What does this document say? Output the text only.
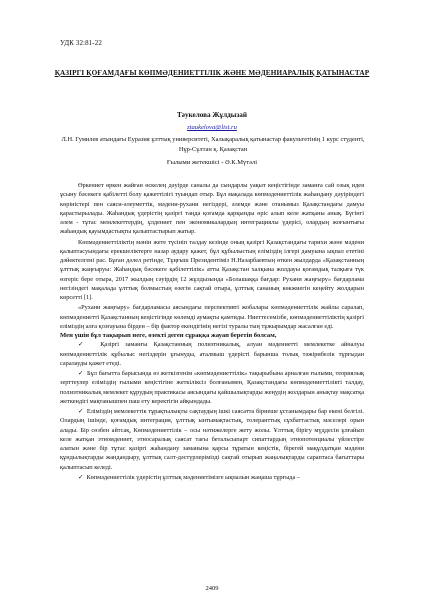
УДК 32:81-22
ҚАЗІРГІ ҚОҒАМДАҒЫ КӨПМӘДЕНИЕТТІЛІК ЖӘНЕ МӘДЕНИАРАЛЫҚ ҚАТЫНАСТАР
Тәукелова Жұлдызай
ztaukelova@list.ru
Л.Н. Гумилев атындағы Еуразия ұлттық университеті, Халықаралық қатынастар факультетінің 1 курс студенті, Нұр-Сұлтан қ. Қазақстан
Ғылыми жетекшісі - Ә.К.Мүтәлі

Өркениет өркен жайған өскелең дәуірде саналы да сындарлы уақыт кеңістігінде заманға сай озық идея ұсыну бәсекеге қабілетті болу қажеттілігі туындап отыр. Бұл мақалада көпмәдениеттілік жаһандану дәуіріндегі көріністері пен саяси-әлеуметтік, мәдени-рухани негіздері, әлемде және отанымыз Қазақстандағы дамуы қарастырылады. Жаһандық үдерістің қазіргі таңда қоғамда қарқынды өріс алып келе жатқаны анық. Бүгінгі әлем - тұтас мемлекеттердің, ұлдениет пен экономикалардың интеграциялы үдерісі, олардың жоғынтығы жаһандық қауымдастықты қалыптастырып жатыр.

Көпмәдениеттіліктің мәнін жете түсініп талдау кезінде оның қазіргі Қазақстандағы тарихи және мәдени қалыптасуындағы ерекшеліктерге назар аудару қажет, бұл құбылыстың еліміздің ілгері дамуына ықпал ететіні дәйектелгені рас. Бұған дәлел ретінде, Тұңғыш Президентіміз Н.Назарбаевтың өткен жылдарда «Қазақстанның ұлттық жаңғыруы: Жаһандық бәсекеге қабілеттілік» атты Қазақстан халқына жолдауы қоғамдық талқыға түк өзгеріс бере отыра, 2017 жылдың сәуірдің 12 жұлдызында «Болашаққа бағдар: Рухани жаңғыру» бағдарлама негізіндегі мақалада ұлттық болмыстың өзегін сақтай отыра, ұлттық сананың көкжиегін кеңейту жолдарын көрсетті [1].

«Рухани жаңғыру» бағдарламасы аясындағы перспективті жобалары көпмәдениеттілік жайлы саралап, көпмәдениетті Қазақстанның кеңістігінде көлемді аумақты қамтиды. Ниеттесемізбе, көпмәдениеттіліктің қазіргі еліміздің алға қозғауына бірден – бір фактор екендігінің негізі туралы тың тұжырымдар жасалған еді.

Мен үшін бұл тақырып неге, өзекті деген сұраққа жауап беретін болсам,

✓  Қазіргі заманғы Қазақстанның полиэтникалық, алуан мәдениетті мемлекетке айналуы көпмәдениеттілік құбылыс негіздерін ұғынуды, аталмыш үдерісті барынша толық тәжірибелік тұрғыдан саралауды қажет етеді.

✓  Бұл бағытта барысында өз жеткізгенім «көпмәдениеттілік» тақырыбына арналған ғылыми, теориялық зерттеулер еліміздің ғылыми кеңістігіне жеткіліксіз болғанымен, Қазақстандағы көпмәдениеттілікті талдау, полиэтникалық мемлекет құрудың практикасы аясындағы қайшылықтарды жеңудің жолдарын анықтау мақсатқа жеткендігі мақтанышпен паш ету керектігін айқындады.

✓  Еліміздің мемлекеттік тұрақтылықты сақтаудың ішкі саясатта бірнеше ұстанымдары бар екені белгілі. Олардың ішінде, қоғамдық интеграция, ұлттық ынтымақтастық, толеранттық сұхбаттастық мәселері орын алады. Бір сөзбен айтсақ, Көпмәдениеттілік – осы нәтижелерге жету жолы. Ұлттық бірігу мүддесін ұлғайып келе жатқан этномдениет, этносаралық саясат тағы бетальсыпарт сипаттардың этнопотенциалы үйлестіре алатын және бір тұтас қазіргі жаһандану заманына қарсы тұратын кеңістік, бірегей мақұлдатқан мәдени құндылықтарды жандандыру, ұлттық салт-дәстүрлерімізді сақтай отырып жаңалықтарды сараптаса бағыттары қалыптасып келеді.

✓  Көпмәдениеттілік үдерістің ұлттық мәдениетімізге ықпалын жаңаша тұрғыда –

2409
